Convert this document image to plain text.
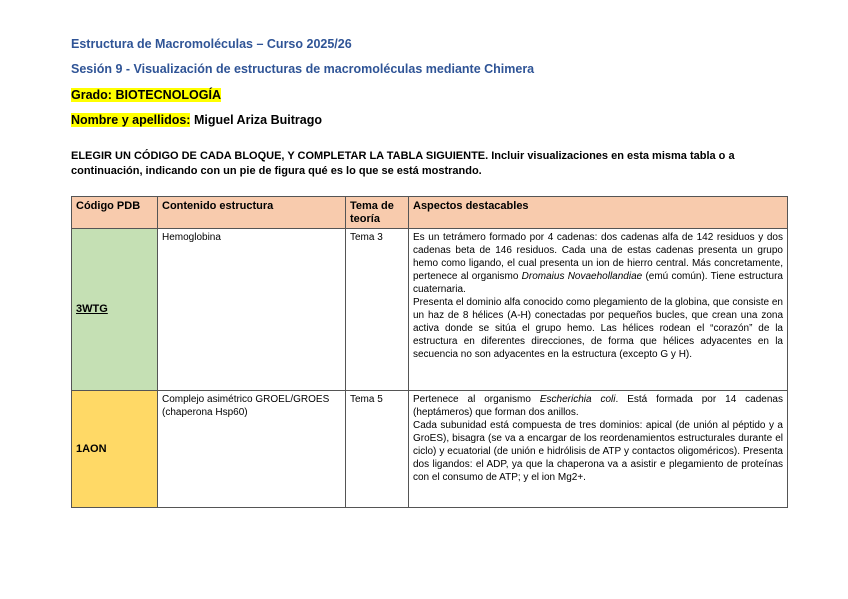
Estructura de Macromoléculas – Curso 2025/26

Sesión 9 - Visualización de estructuras de macromoléculas mediante Chimera

Grado: BIOTECNOLOGÍA

Nombre y apellidos: Miguel Ariza Buitrago

ELEGIR UN CÓDIGO DE CADA BLOQUE, Y COMPLETAR LA TABLA SIGUIENTE. Incluir visualizaciones en esta misma tabla o a continuación, indicando con un pie de figura qué es lo que se está mostrando.

Código PDB	Contenido estructura	Tema de teoría	Aspectos destacables
3WTG	Hemoglobina	Tema 3	Es un tetrámero formado por 4 cadenas: dos cadenas alfa de 142 residuos y dos cadenas beta de 146 residuos. Cada una de estas cadenas presenta un grupo hemo como ligando, el cual presenta un ion de hierro central. Más concretamente, pertenece al organismo Dromaius Novaehollandiae (emú común). Tiene estructura cuaternaria.

Presenta el dominio alfa conocido como plegamiento de la globina, que consiste en un haz de 8 hélices (A-H) conectadas por pequeños bucles, que crean una zona activa donde se sitúa el grupo hemo. Las hélices rodean el “corazón” de la estructura en diferentes direcciones, de forma que hélices adyacentes en la secuencia no son adyacentes en la estructura (excepto G y H).

1AON	Complejo asimétrico GROEL/GROES (chaperona Hsp60)	Tema 5	Pertenece al organismo Escherichia coli. Está formada por 14 cadenas (heptámeros) que forman dos anillos.

Cada subunidad está compuesta de tres dominios: apical (de unión al péptido y a GroES), bisagra (se va a encargar de los reordenamientos estructurales durante el ciclo) y ecuatorial (de unión e hidrólisis de ATP y contactos oligoméricos). Presenta dos ligandos: el ADP, ya que la chaperona va a asistir e plegamiento de proteínas con el consumo de ATP; y el ion Mg2+.
